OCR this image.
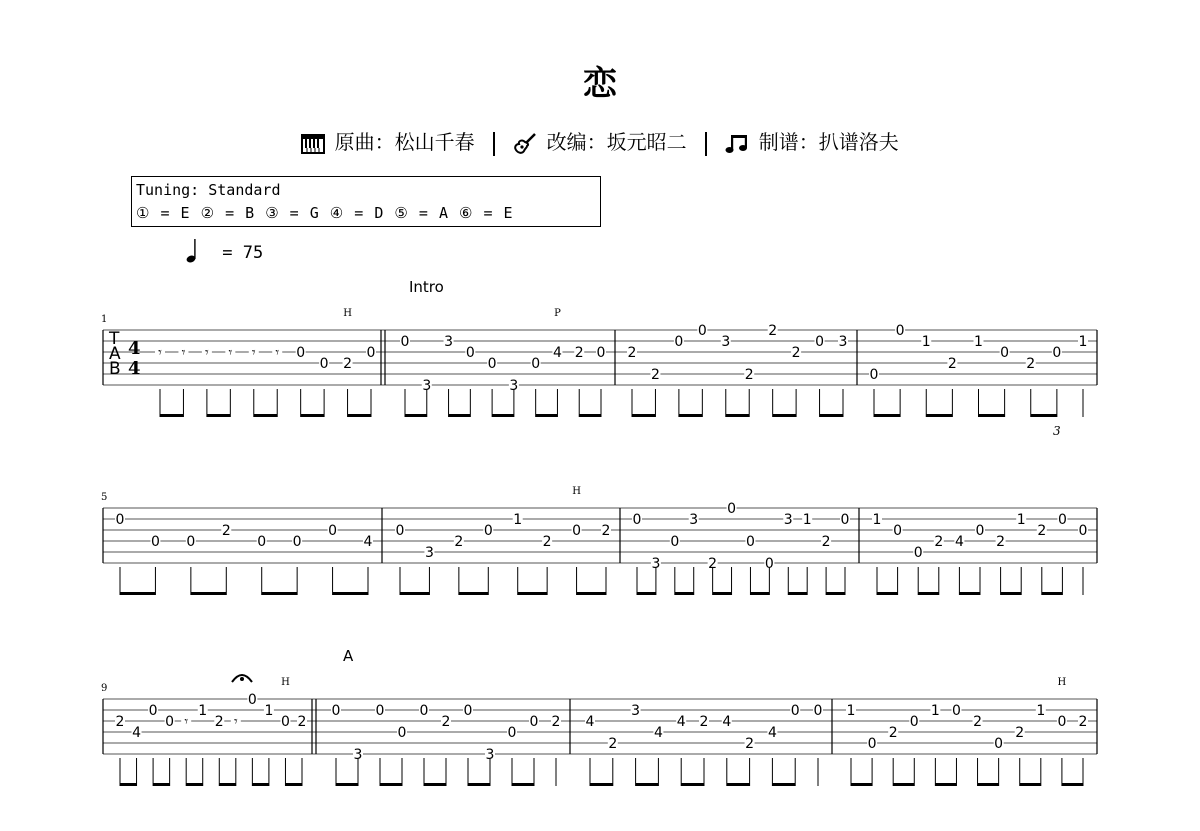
恋
原曲：松山千春	改编：坂元昭二	制谱：扒谱洛夫
Tuning: Standard
① = E ② = B ③ = G ④ = D ⑤ = A ⑥ = E
= 75
1
T
A
B
4
4
𝄾 𝄾 𝄾 𝄾 𝄾 𝄾 0
0 2
0
H
0
3
3
0
0
3
0
4 2 0
P
2
2
0
0
3
2
2
2
0 3
0
0
1
2
1
0
2
0
1
3
5
0
0 0
2
0 0
0
4
0
3
2
0
1
2
0 2
H
0
3
0
3
2
0
0
0
3 1
2
0 1
0
0
2 4
0
2
1
2
0
0
9
2
4
0
0 𝄾
1
2 𝄾
0
1
0 2
H
0
3
0
0
0
2
0
3
0
0 2 4
2
3
4
4 2 4
2
4
0 0 1
0
2
0
1 0
2
0
2
1
0 2
H
Intro
A
